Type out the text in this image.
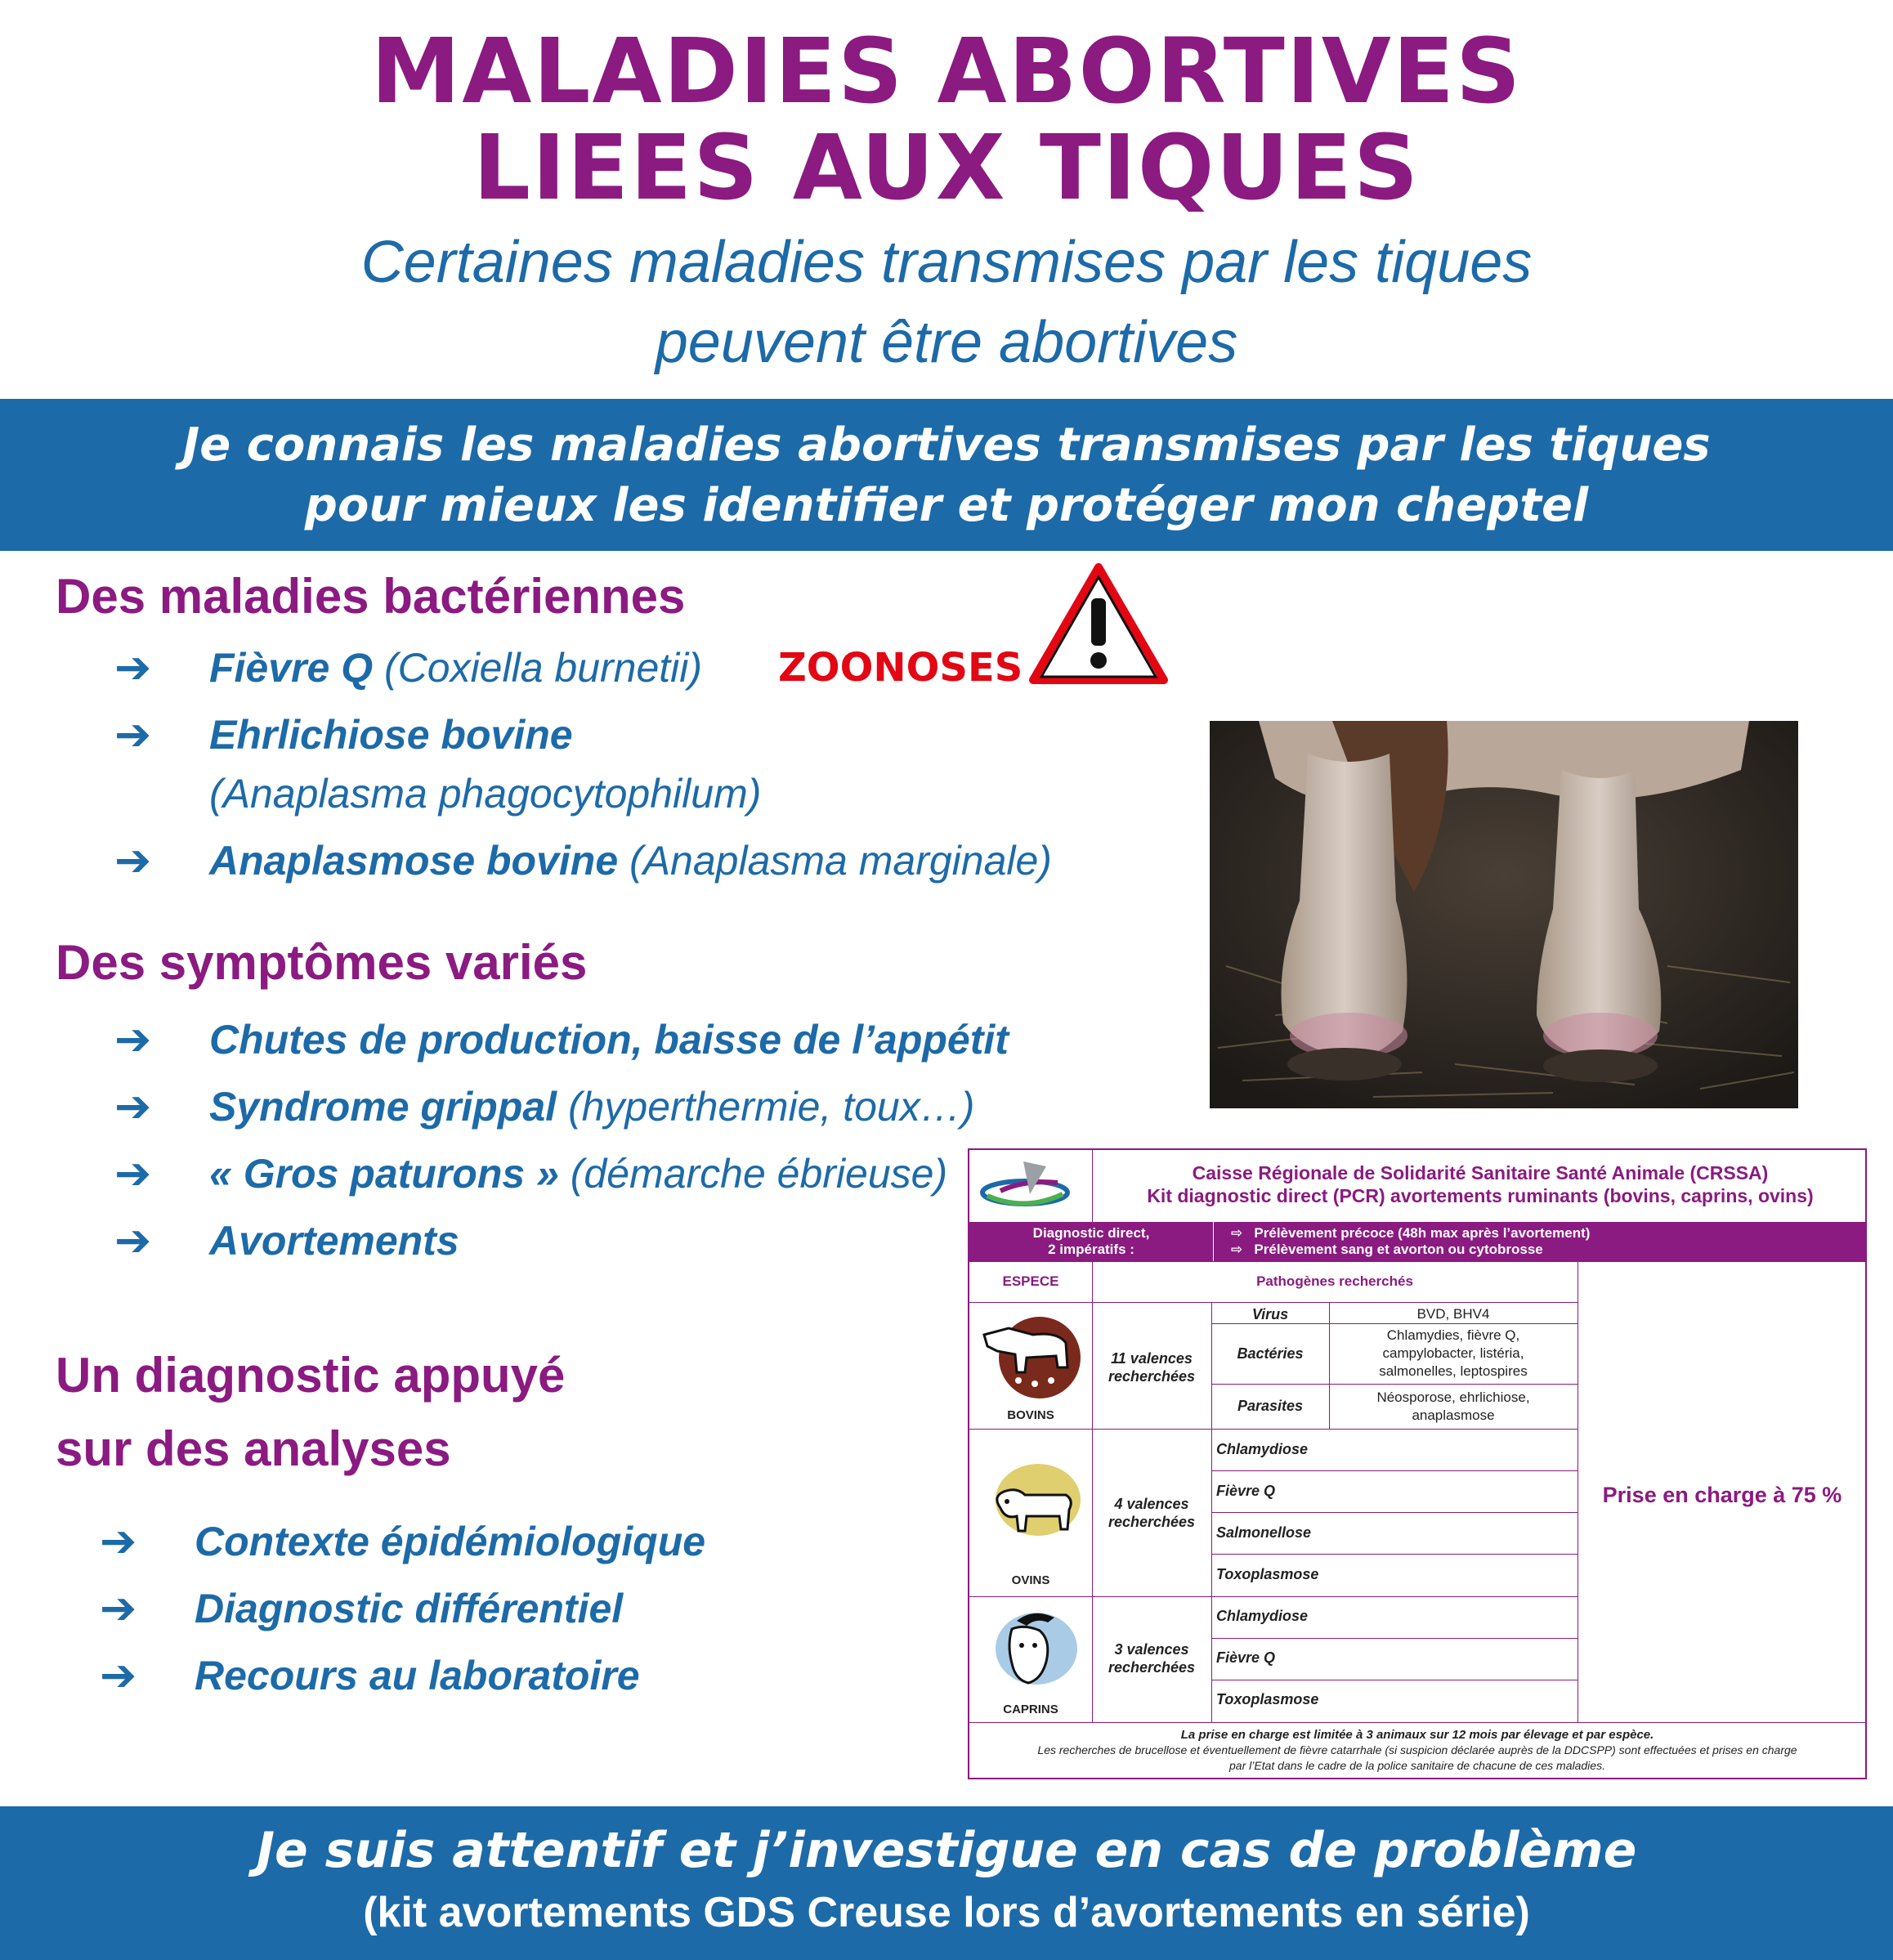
MALADIES ABORTIVES
LIEES AUX TIQUES
Certaines maladies transmises par les tiques
peuvent être abortives
Je connais les maladies abortives transmises par les tiques
pour mieux les identifier et protéger mon cheptel
Des maladies bactériennes
➔ Fièvre Q (Coxiella burnetii) ZOONOSES
➔ Ehrlichiose bovine
(Anaplasma phagocytophilum)
➔ Anaplasmose bovine (Anaplasma marginale)
Des symptômes variés
➔ Chutes de production, baisse de l’appétit
➔ Syndrome grippal (hyperthermie, toux…)
➔ « Gros paturons » (démarche ébrieuse)
➔ Avortements
Un diagnostic appuyé
sur des analyses
➔ Contexte épidémiologique
➔ Diagnostic différentiel
➔ Recours au laboratoire
Caisse Régionale de Solidarité Sanitaire Santé Animale (CRSSA)
Kit diagnostic direct (PCR) avortements ruminants (bovins, caprins, ovins)
Diagnostic direct,
2 impératifs :
⇨   Prélèvement précoce (48h max après l’avortement)
⇨   Prélèvement sang et avorton ou cytobrosse
ESPECE	Pathogènes recherchés
BOVINS
11 valences
recherchées
Virus	BVD, BHV4
Bactéries
Chlamydies, fièvre Q,
campylobacter, listéria,
salmonelles, leptospires
Parasites
Néosporose, ehrlichiose,
anaplasmose
OVINS
4 valences
recherchées
Chlamydiose
Fièvre Q
Salmonellose
Toxoplasmose
CAPRINS
3 valences
recherchées
Chlamydiose
Fièvre Q
Toxoplasmose
Prise en charge à 75 %
La prise en charge est limitée à 3 animaux sur 12 mois par élevage et par espèce.
Les recherches de brucellose et éventuellement de fièvre catarrhale (si suspicion déclarée auprès de la DDCSPP) sont effectuées et prises en charge
par l’Etat dans le cadre de la police sanitaire de chacune de ces maladies.
Je suis attentif et j’investigue en cas de problème
(kit avortements GDS Creuse lors d’avortements en série)
